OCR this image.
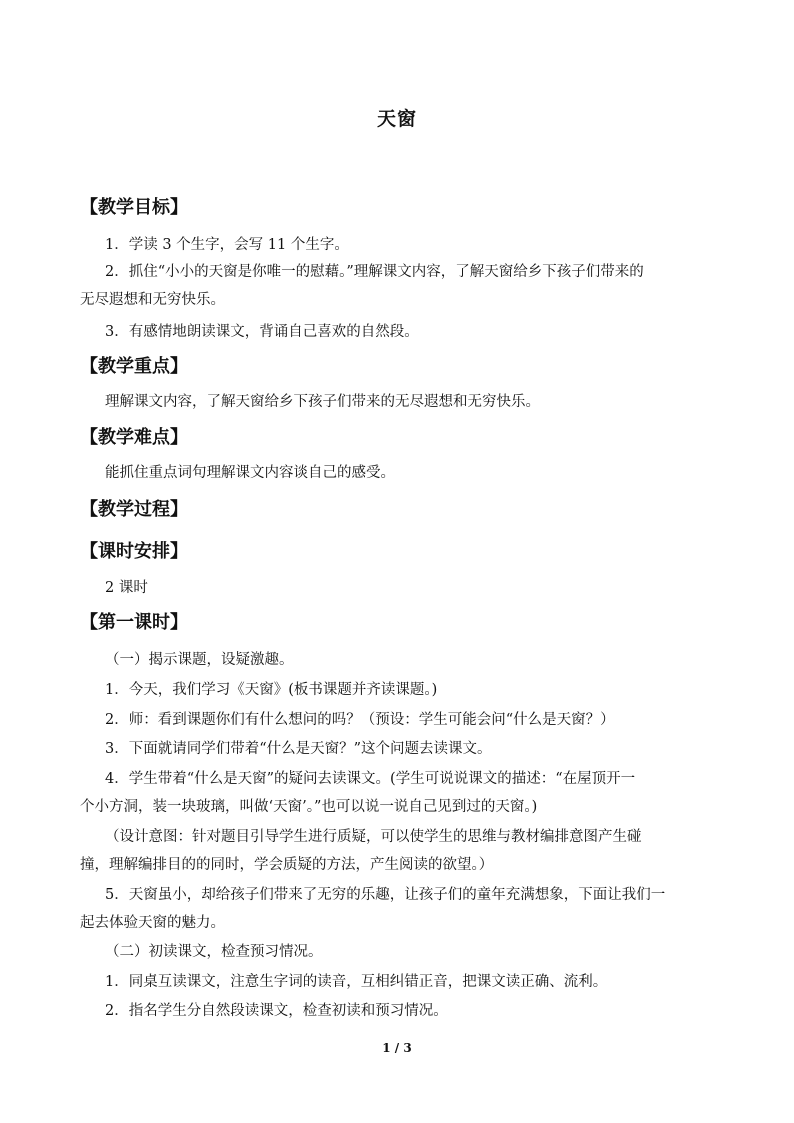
天窗
【教学目标】
1．学读 3 个生字，会写 11 个生字。
2．抓住“小小的天窗是你唯一的慰藉。”理解课文内容，了解天窗给乡下孩子们带来的
无尽遐想和无穷快乐。
3．有感情地朗读课文，背诵自己喜欢的自然段。
【教学重点】
理解课文内容，了解天窗给乡下孩子们带来的无尽遐想和无穷快乐。
【教学难点】
能抓住重点词句理解课文内容谈自己的感受。
【教学过程】
【课时安排】
2 课时
【第一课时】
（一）揭示课题，设疑激趣。
1．今天，我们学习《天窗》(板书课题并齐读课题。)
2．师：看到课题你们有什么想问的吗？（预设：学生可能会问“什么是天窗？）
3．下面就请同学们带着“什么是天窗？”这个问题去读课文。
4．学生带着“什么是天窗”的疑问去读课文。(学生可说说课文的描述：“在屋顶开一
个小方洞，装一块玻璃，叫做‘天窗’。”也可以说一说自己见到过的天窗。)
（设计意图：针对题目引导学生进行质疑，可以使学生的思维与教材编排意图产生碰
撞，理解编排目的的同时，学会质疑的方法，产生阅读的欲望。）
5．天窗虽小，却给孩子们带来了无穷的乐趣，让孩子们的童年充满想象，下面让我们一
起去体验天窗的魅力。
（二）初读课文，检查预习情况。
1．同桌互读课文，注意生字词的读音，互相纠错正音，把课文读正确、流利。
2．指名学生分自然段读课文，检查初读和预习情况。
1 / 3
